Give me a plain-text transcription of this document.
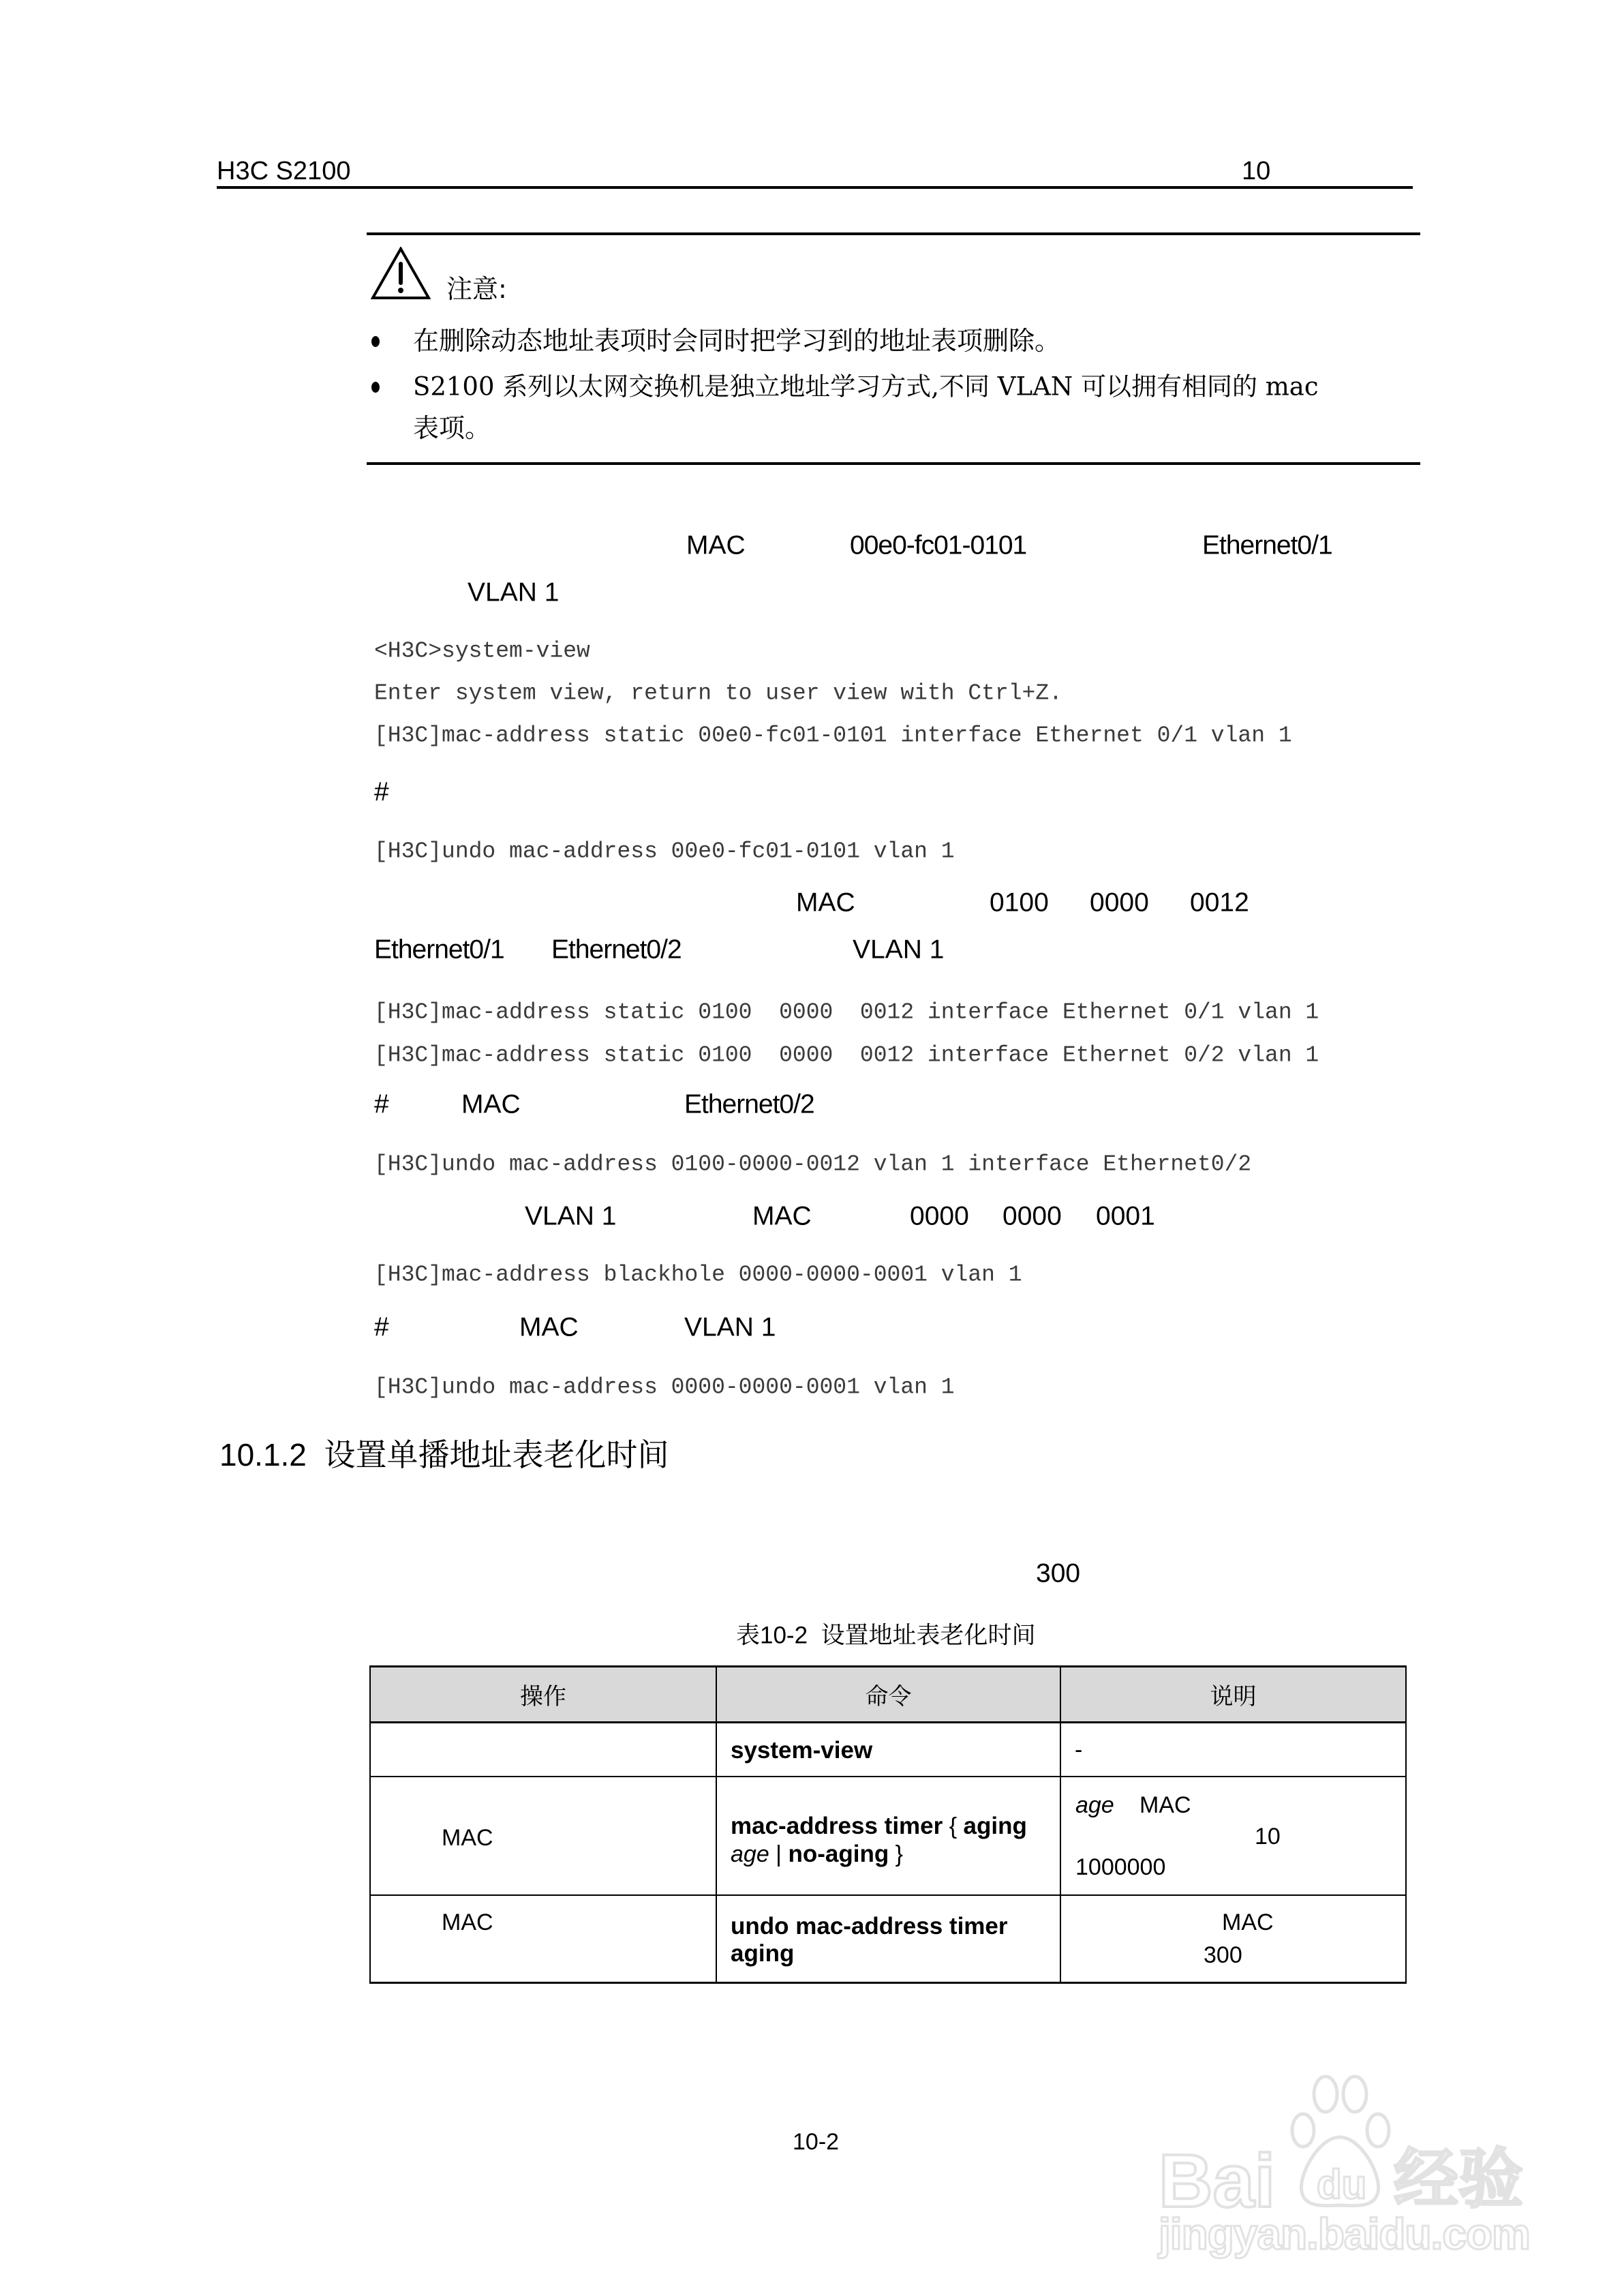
H3C S2100	10
注意:
在删除动态地址表项时会同时把学习到的地址表项删除。
S2100 系列以太网交换机是独立地址学习方式,不同 VLAN 可以拥有相同的 mac
表项。
MAC	00e0-fc01-0101	Ethernet0/1
VLAN 1
<H3C>system-view
Enter system view, return to user view with Ctrl+Z.
[H3C]mac-address static 00e0-fc01-0101 interface Ethernet 0/1 vlan 1
#
[H3C]undo mac-address 00e0-fc01-0101 vlan 1
MAC	0100 0000 0012
Ethernet0/1 Ethernet0/2	VLAN 1
[H3C]mac-address static 0100  0000  0012 interface Ethernet 0/1 vlan 1
[H3C]mac-address static 0100  0000  0012 interface Ethernet 0/2 vlan 1
#	MAC	Ethernet0/2
[H3C]undo mac-address 0100-0000-0012 vlan 1 interface Ethernet0/2
VLAN 1	MAC	0000 0000 0001
[H3C]mac-address blackhole 0000-0000-0001 vlan 1
#	MAC	VLAN 1
[H3C]undo mac-address 0000-0000-0001 vlan 1
10.1.2  设置单播地址表老化时间
300
表10-2  设置地址表老化时间
操作	命令	说明

	system-view	-

MAC	mac-address timer { aging
age | no-aging }	age MAC
10
1000000

MAC	undo mac-address timer
aging	MAC
300
10-2	Bai du 经验
jingyan.baidu.com
